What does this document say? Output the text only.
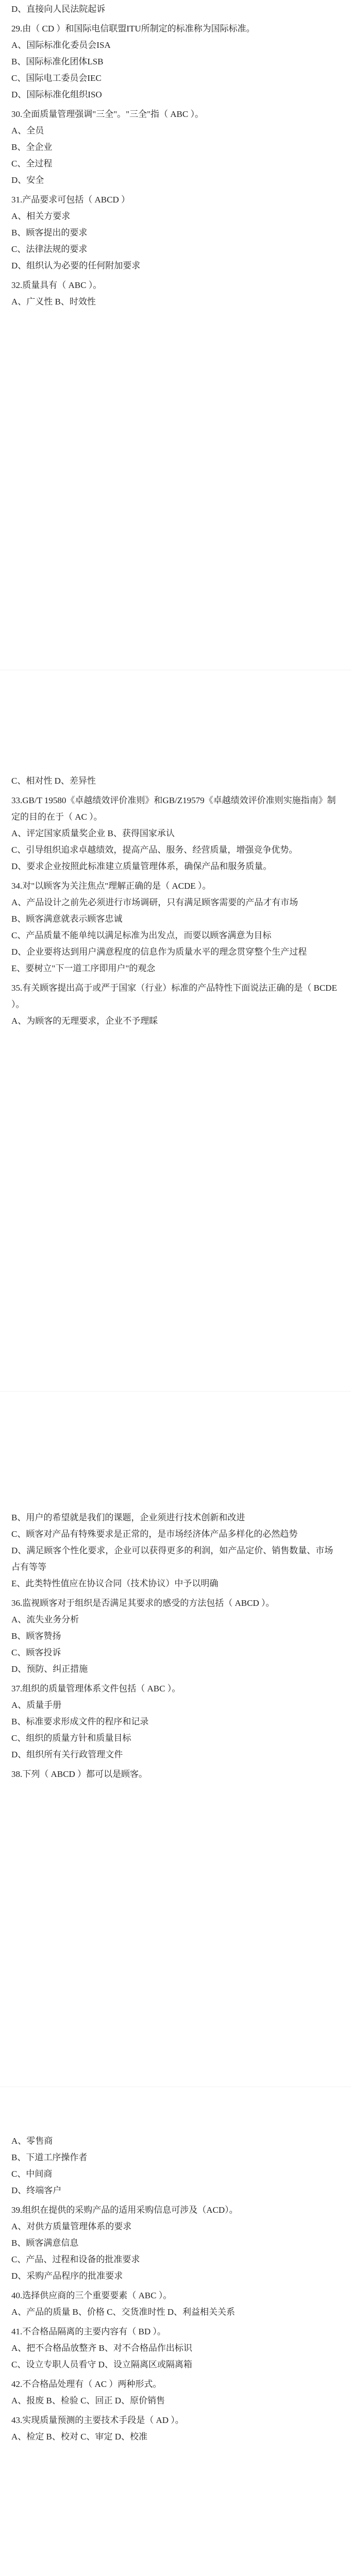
D、直接向人民法院起诉

29.由（ CD ）和国际电信联盟ITU所制定的标准称为国际标准。

A、国际标准化委员会ISA

B、国际标准化团体LSB

C、国际电工委员会IEC

D、国际标准化组织ISO

30.全面质量管理强调"三全"。"三全"指（ ABC ）。

A、全员

B、全企业

C、全过程

D、安全

31.产品要求可包括（ ABCD ）

A、相关方要求

B、顾客提出的要求

C、法律法规的要求

D、组织认为必要的任何附加要求

32.质量具有（ ABC ）。

A、广义性 B、时效性

C、相对性 D、差异性

33.GB/T 19580《卓越绩效评价准则》和GB/Z19579《卓越绩效评价准则实施指南》制定的目的在于（ AC ）。

A、评定国家质量奖企业 B、获得国家承认

C、引导组织追求卓越绩效，提高产品、服务、经营质量，增强竞争优势。

D、要求企业按照此标准建立质量管理体系，确保产品和服务质量。

34.对"以顾客为关注焦点"理解正确的是（ ACDE ）。

A、产品设计之前先必须进行市场调研，只有满足顾客需要的产品才有市场

B、顾客满意就表示顾客忠诚

C、产品质量不能单纯以满足标准为出发点，而要以顾客满意为目标

D、企业要将达到用户满意程度的信息作为质量水平的理念贯穿整个生产过程

E、要树立"下一道工序即用户"的观念

35.有关顾客提出高于或严于国家（行业）标准的产品特性下面说法正确的是（ BCDE ）。

A、为顾客的无理要求，企业不予理睬

B、用户的希望就是我们的课题，企业须进行技术创新和改进

C、顾客对产品有特殊要求是正常的，是市场经济体产品多样化的必然趋势

D、满足顾客个性化要求，企业可以获得更多的利润，如产品定价、销售数量、市场占有等等

E、此类特性值应在协议合同（技术协议）中予以明确

36.监视顾客对于组织是否满足其要求的感受的方法包括（ ABCD ）。

A、流失业务分析

B、顾客赞扬

C、顾客投诉

D、预防、纠正措施

37.组织的质量管理体系文件包括（ ABC ）。

A、质量手册

B、标准要求形成文件的程序和记录

C、组织的质量方针和质量目标

D、组织所有关行政管理文件

38.下列（ ABCD ）都可以是顾客。

A、零售商

B、下道工序操作者

C、中间商

D、终端客户

39.组织在提供的采购产品的适用采购信息可涉及（ACD）。

A、对供方质量管理体系的要求

B、顾客满意信息

C、产品、过程和设备的批准要求

D、采购产品程序的批准要求

40.选择供应商的三个重要要素（ ABC ）。

A、产品的质量 B、价格 C、交货准时性 D、利益相关关系

41.不合格品隔离的主要内容有（ BD ）。

A、把不合格品放整齐 B、对不合格品作出标识

C、设立专职人员看守 D、设立隔离区或隔离箱

42.不合格品处理有（ AC ）两种形式。

A、报废 B、检验 C、回正 D、原价销售

43.实现质量预测的主要技术手段是（ AD ）。

A、检定 B、校对 C、审定 D、校准
